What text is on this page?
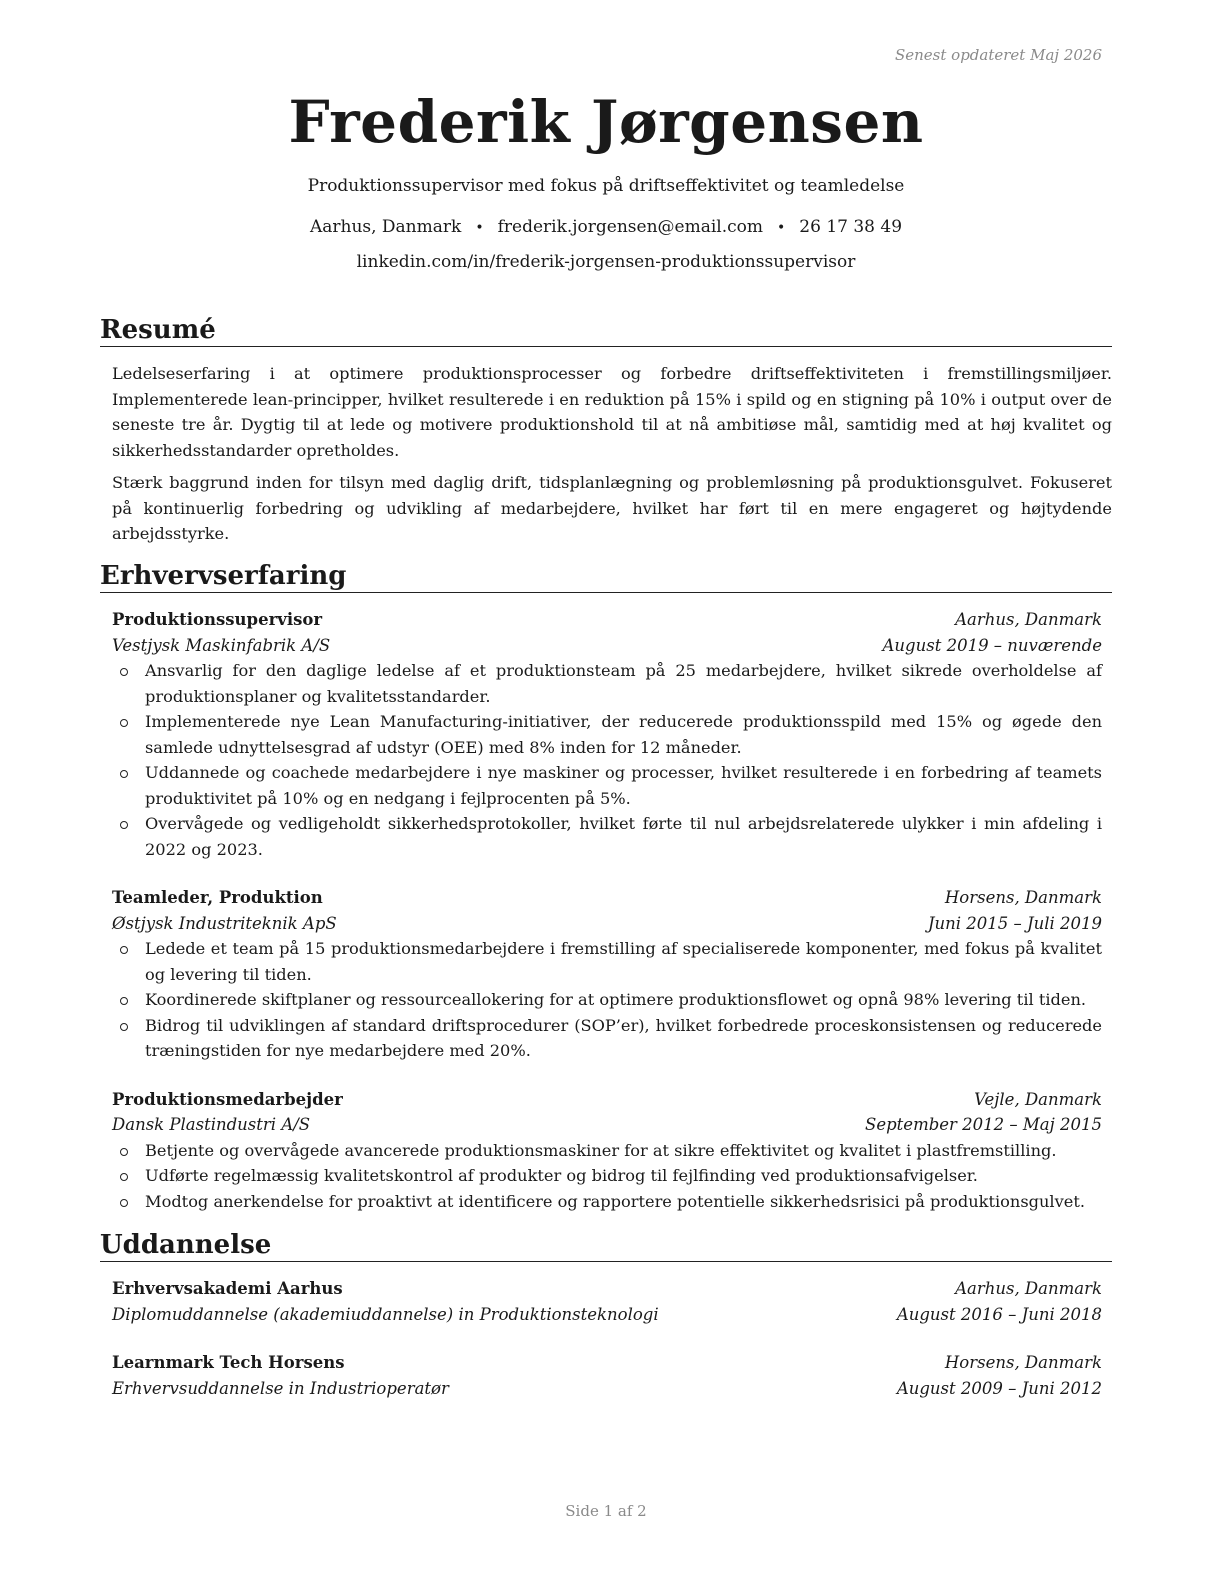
Senest opdateret Maj 2026
Frederik Jørgensen
Produktionssupervisor med fokus på driftseffektivitet og teamledelse
Aarhus, Danmark • frederik.jorgensen@email.com • 26 17 38 49
linkedin.com/in/frederik-jorgensen-produktionssupervisor
Resumé

Ledelseserfaring i at optimere produktionsprocesser og forbedre driftseffektiviteten i fremstillingsmiljøer. Implementerede lean-principper, hvilket resulterede i en reduktion på 15% i spild og en stigning på 10% i output over de seneste tre år. Dygtig til at lede og motivere produktionshold til at nå ambitiøse mål, samtidig med at høj kvalitet og sikkerhedsstandarder opretholdes.

Stærk baggrund inden for tilsyn med daglig drift, tidsplanlægning og problemløsning på produktionsgulvet. Fokuseret på kontinuerlig forbedring og udvikling af medarbejdere, hvilket har ført til en mere engageret og højtydende arbejdsstyrke.

Erhvervserfaring
Produktionssupervisor	Aarhus, Danmark
Vestjysk Maskinfabrik A/S	August 2019 – nuværende
Ansvarlig for den daglige ledelse af et produktionsteam på 25 medarbejdere, hvilket sikrede overholdelse af produktionsplaner og kvalitetsstandarder.
Implementerede nye Lean Manufacturing-initiativer, der reducerede produktionsspild med 15% og øgede den samlede udnyttelsesgrad af udstyr (OEE) med 8% inden for 12 måneder.
Uddannede og coachede medarbejdere i nye maskiner og processer, hvilket resulterede i en forbedring af teamets produktivitet på 10% og en nedgang i fejlprocenten på 5%.
Overvågede og vedligeholdt sikkerhedsprotokoller, hvilket førte til nul arbejdsrelaterede ulykker i min afdeling i 2022 og 2023.
Teamleder, Produktion	Horsens, Danmark
Østjysk Industriteknik ApS	Juni 2015 – Juli 2019
Ledede et team på 15 produktionsmedarbejdere i fremstilling af specialiserede komponenter, med fokus på kvalitet og levering til tiden.
Koordinerede skiftplaner og ressourceallokering for at optimere produktionsflowet og opnå 98% levering til tiden.
Bidrog til udviklingen af standard driftsprocedurer (SOP’er), hvilket forbedrede proceskonsistensen og reducerede træningstiden for nye medarbejdere med 20%.
Produktionsmedarbejder	Vejle, Danmark
Dansk Plastindustri A/S	September 2012 – Maj 2015
Betjente og overvågede avancerede produktionsmaskiner for at sikre effektivitet og kvalitet i plastfremstilling.
Udførte regelmæssig kvalitetskontrol af produkter og bidrog til fejlfinding ved produktionsafvigelser.
Modtog anerkendelse for proaktivt at identificere og rapportere potentielle sikkerhedsrisici på produktionsgulvet.
Uddannelse
Erhvervsakademi Aarhus	Aarhus, Danmark
Diplomuddannelse (akademiuddannelse) in Produktionsteknologi	August 2016 – Juni 2018
Learnmark Tech Horsens	Horsens, Danmark
Erhvervsuddannelse in Industrioperatør	August 2009 – Juni 2012
Side 1 af 2
